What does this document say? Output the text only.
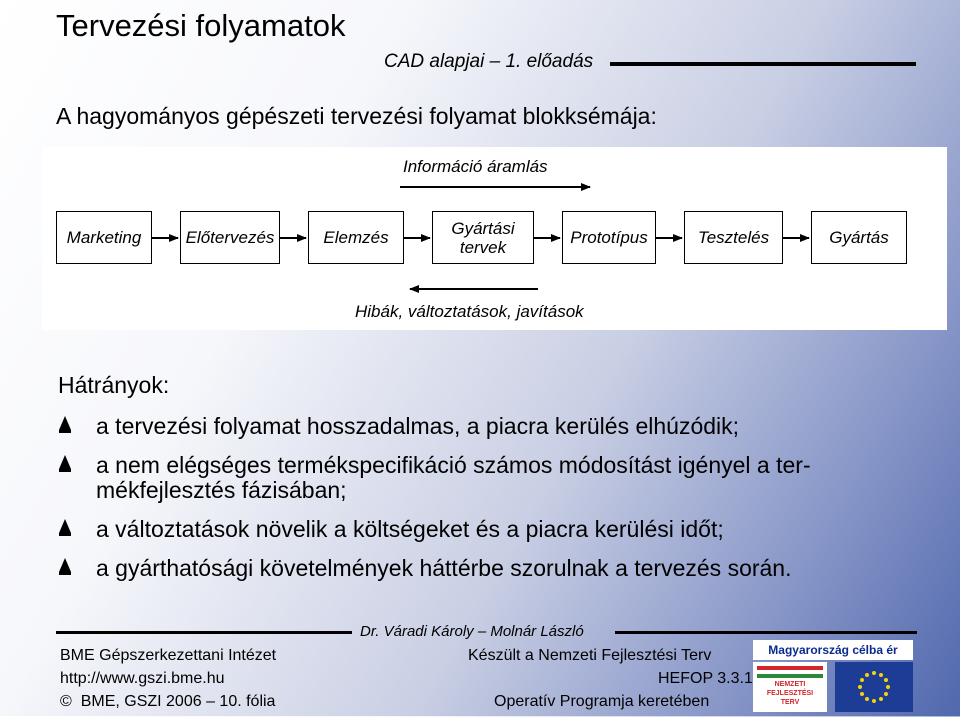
Tervezési folyamatok
CAD alapjai – 1. előadás
A hagyományos gépészeti tervezési folyamat blokksémája:
Információ áramlás
Hibák, változtatások, javítások
Marketing	Előtervezés	Elemzés	Gyártási
tervek	Prototípus	Tesztelés	Gyártás
Hátrányok:
a tervezési folyamat hosszadalmas, a piacra kerülés elhúzódik;
a nem elégséges termékspecifikáció számos módosítást igényel a ter-
mékfejlesztés fázisában;
a változtatások növelik a költségeket és a piacra kerülési időt;
a gyárthatósági követelmények háttérbe szorulnak a tervezés során.
Dr. Váradi Károly – Molnár László
BME Gépszerkezettani Intézet
http://www.gszi.bme.hu
© BME, GSZI 2006 – 10. fólia
Készült a Nemzeti Fejlesztési Terv
HEFOP 3.3.1
Operatív Programja keretében
Magyarország célba ér
NEMZETI
FEJLESZTÉSI
TERV
